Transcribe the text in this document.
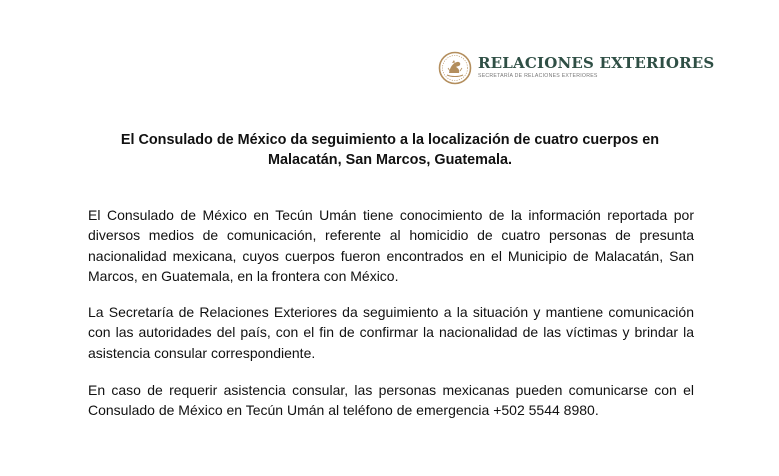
RELACIONES EXTERIORES
SECRETARÍA DE RELACIONES EXTERIORES
El Consulado de México da seguimiento a la localización de cuatro cuerpos en Malacatán, San Marcos, Guatemala.

El Consulado de México en Tecún Umán tiene conocimiento de la información reportada por diversos medios de comunicación, referente al homicidio de cuatro personas de presunta nacionalidad mexicana, cuyos cuerpos fueron encontrados en el Municipio de Malacatán, San Marcos, en Guatemala, en la frontera con México.

La Secretaría de Relaciones Exteriores da seguimiento a la situación y mantiene comunicación con las autoridades del país, con el fin de confirmar la nacionalidad de las víctimas y brindar la asistencia consular correspondiente.

En caso de requerir asistencia consular, las personas mexicanas pueden comunicarse con el Consulado de México en Tecún Umán al teléfono de emergencia +502 5544 8980.
